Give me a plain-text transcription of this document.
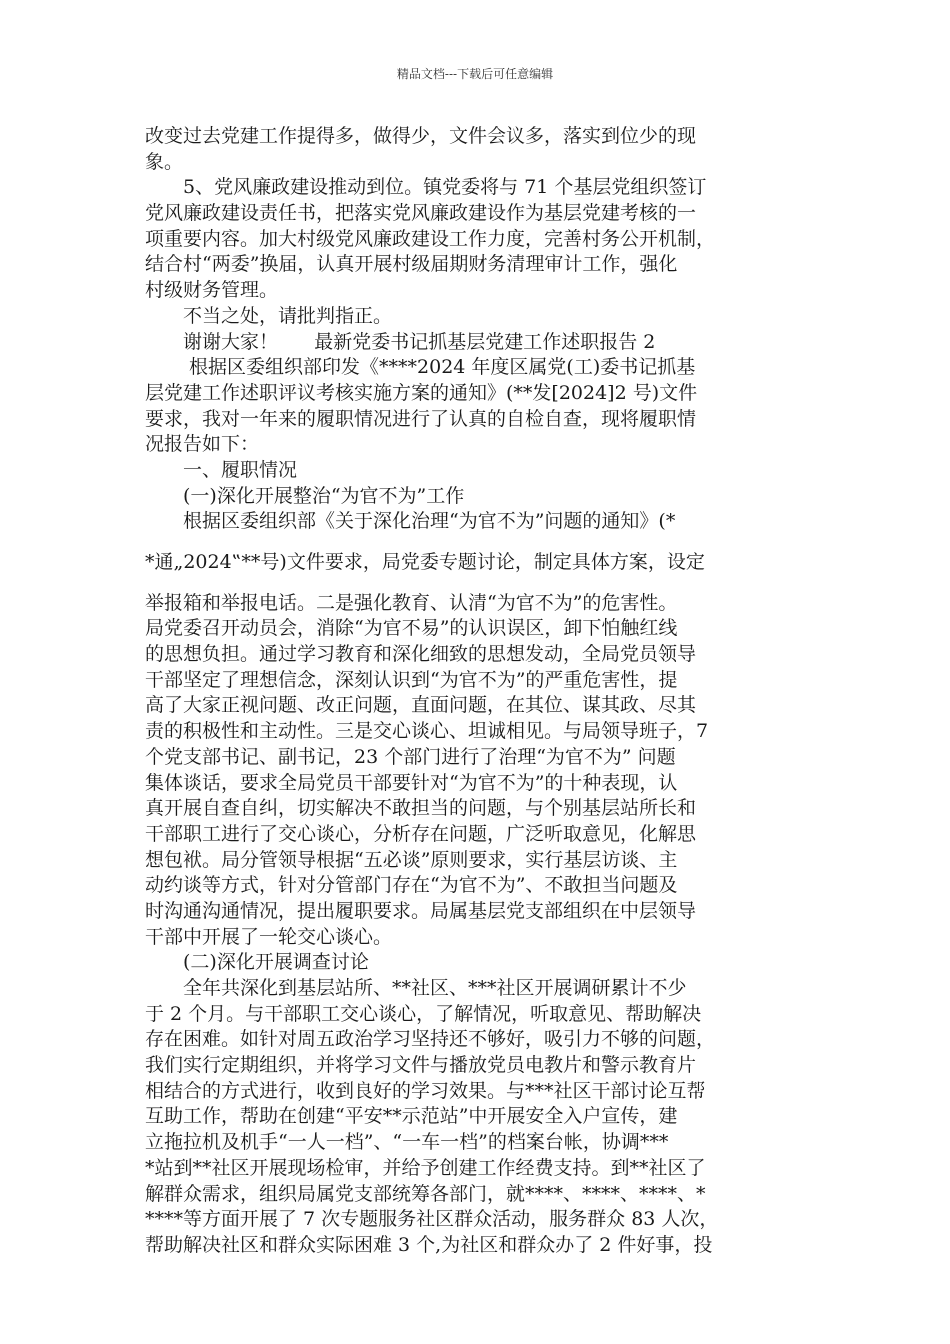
精品文档---下载后可任意编辑
改变过去党建工作提得多，做得少，文件会议多，落实到位少的现
象。
5、党风廉政建设推动到位。镇党委将与 71 个基层党组织签订
党风廉政建设责任书，把落实党风廉政建设作为基层党建考核的一
项重要内容。加大村级党风廉政建设工作力度，完善村务公开机制，
结合村“两委”换届，认真开展村级届期财务清理审计工作，强化
村级财务管理。
不当之处，请批判指正。
谢谢大家！      最新党委书记抓基层党建工作述职报告 2
根据区委组织部印发《****2024 年度区属党(工)委书记抓基
层党建工作述职评议考核实施方案的通知》(**发[2024]2 号)文件
要求，我对一年来的履职情况进行了认真的自检自查，现将履职情
况报告如下：
一、履职情况
(一)深化开展整治“为官不为”工作
根据区委组织部《关于深化治理“为官不为”问题的通知》(*
*通„2024‟**号)文件要求，局党委专题讨论，制定具体方案，设定
举报箱和举报电话。二是强化教育、认清“为官不为”的危害性。
局党委召开动员会，消除“为官不易”的认识误区，卸下怕触红线
的思想负担。通过学习教育和深化细致的思想发动，全局党员领导
干部坚定了理想信念，深刻认识到“为官不为”的严重危害性，提
高了大家正视问题、改正问题，直面问题，在其位、谋其政、尽其
责的积极性和主动性。三是交心谈心、坦诚相见。与局领导班子，7
个党支部书记、副书记，23 个部门进行了治理“为官不为” 问题
集体谈话，要求全局党员干部要针对“为官不为”的十种表现，认
真开展自查自纠，切实解决不敢担当的问题，与个别基层站所长和
干部职工进行了交心谈心，分析存在问题，广泛听取意见，化解思
想包袱。局分管领导根据“五必谈”原则要求，实行基层访谈、主
动约谈等方式，针对分管部门存在“为官不为”、不敢担当问题及
时沟通沟通情况，提出履职要求。局属基层党支部组织在中层领导
干部中开展了一轮交心谈心。
(二)深化开展调查讨论
全年共深化到基层站所、**社区、***社区开展调研累计不少
于 2 个月。与干部职工交心谈心，了解情况，听取意见、帮助解决
存在困难。如针对周五政治学习坚持还不够好，吸引力不够的问题，
我们实行定期组织，并将学习文件与播放党员电教片和警示教育片
相结合的方式进行，收到良好的学习效果。与***社区干部讨论互帮
互助工作，帮助在创建“平安**示范站”中开展安全入户宣传，建
立拖拉机及机手“一人一档”、“一车一档”的档案台帐，协调***
*站到**社区开展现场检审，并给予创建工作经费支持。到**社区了
解群众需求，组织局属党支部统筹各部门，就****、****、****、*
****等方面开展了 7 次专题服务社区群众活动，服务群众 83 人次，
帮助解决社区和群众实际困难 3 个,为社区和群众办了 2 件好事，投
